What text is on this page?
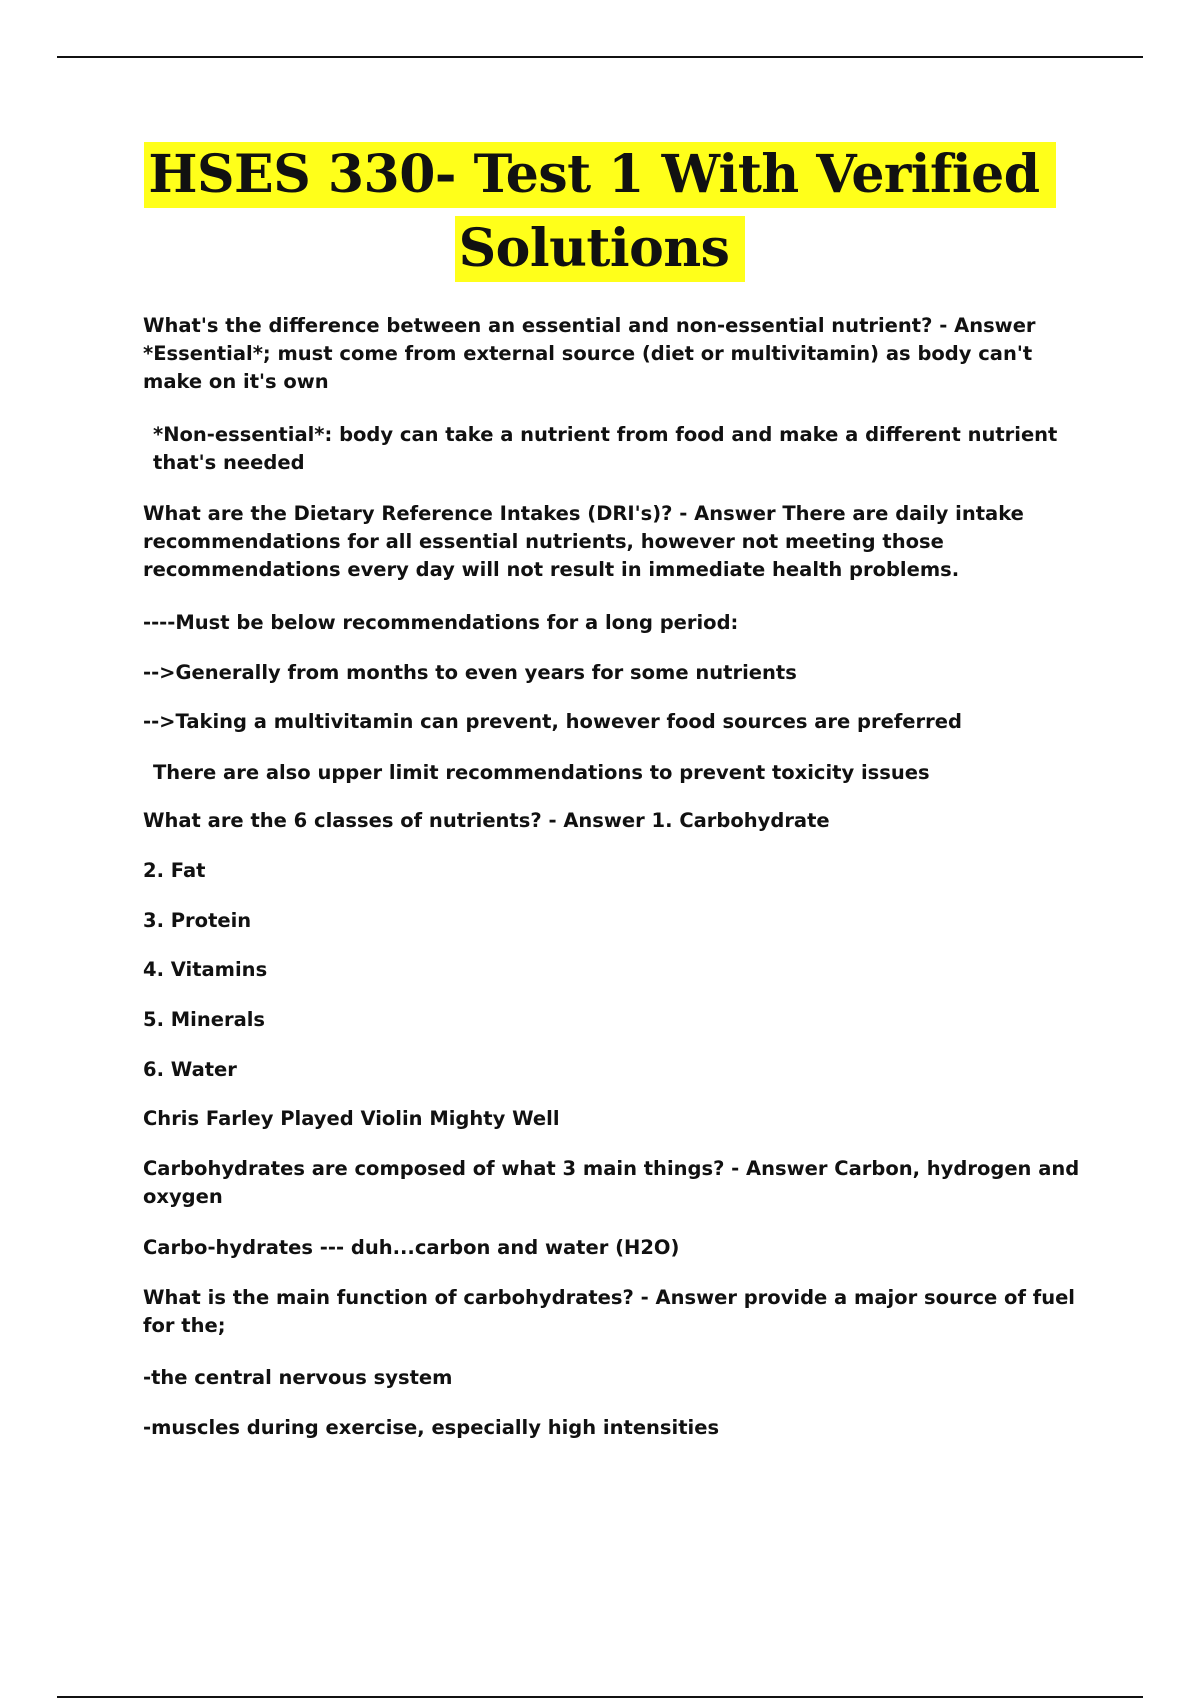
HSES 330- Test 1 With Verified
Solutions

What's the difference between an essential and non-essential nutrient? - Answer *Essential*; must come from external source (diet or multivitamin) as body can't make on it's own

*Non-essential*: body can take a nutrient from food and make a different nutrient that's needed

What are the Dietary Reference Intakes (DRI's)? - Answer There are daily intake recommendations for all essential nutrients, however not meeting those recommendations every day will not result in immediate health problems.

----Must be below recommendations for a long period:

-->Generally from months to even years for some nutrients

-->Taking a multivitamin can prevent, however food sources are preferred

There are also upper limit recommendations to prevent toxicity issues

What are the 6 classes of nutrients? - Answer 1. Carbohydrate

2. Fat

3. Protein

4. Vitamins

5. Minerals

6. Water

Chris Farley Played Violin Mighty Well

Carbohydrates are composed of what 3 main things? - Answer Carbon, hydrogen and oxygen

Carbo-hydrates --- duh...carbon and water (H2O)

What is the main function of carbohydrates? - Answer provide a major source of fuel for the;

-the central nervous system

-muscles during exercise, especially high intensities
